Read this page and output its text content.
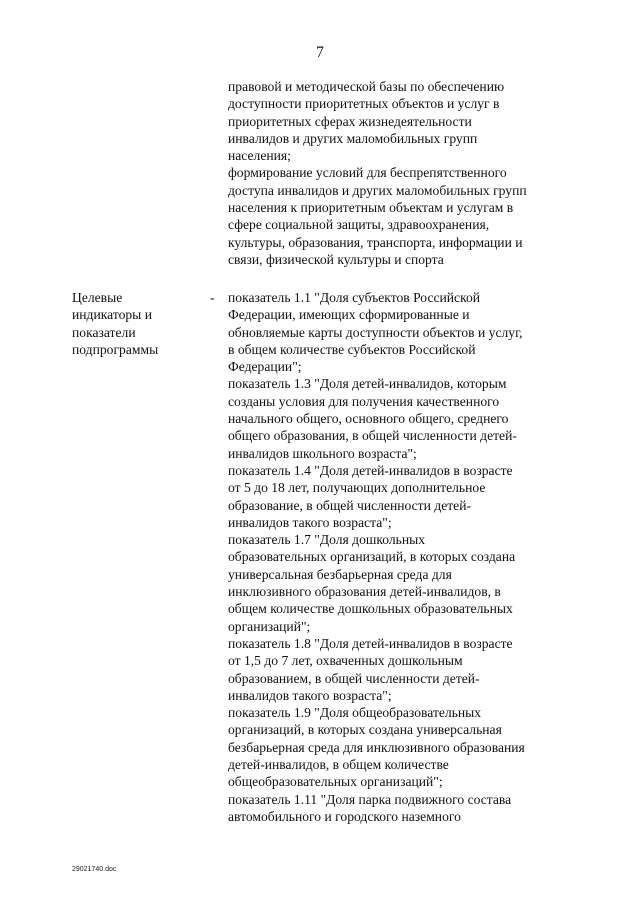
7
правовой и методической базы по обеспечению
доступности приоритетных объектов и услуг в
приоритетных сферах жизнедеятельности
инвалидов и других маломобильных групп
населения;
формирование условий для беспрепятственного
доступа инвалидов и других маломобильных групп
населения к приоритетным объектам и услугам в
сфере социальной защиты, здравоохранения,
культуры, образования, транспорта, информации и
связи, физической культуры и спорта
Целевые
индикаторы и
показатели
подпрограммы
- показатель 1.1 "Доля субъектов Российской
Федерации, имеющих сформированные и
обновляемые карты доступности объектов и услуг,
в общем количестве субъектов Российской
Федерации";
показатель 1.3 "Доля детей-инвалидов, которым
созданы условия для получения качественного
начального общего, основного общего, среднего
общего образования, в общей численности детей-
инвалидов школьного возраста";
показатель 1.4 "Доля детей-инвалидов в возрасте
от 5 до 18 лет, получающих дополнительное
образование, в общей численности детей-
инвалидов такого возраста";
показатель 1.7 "Доля дошкольных
образовательных организаций, в которых создана
универсальная безбарьерная среда для
инклюзивного образования детей-инвалидов, в
общем количестве дошкольных образовательных
организаций";
показатель 1.8 "Доля детей-инвалидов в возрасте
от 1,5 до 7 лет, охваченных дошкольным
образованием, в общей численности детей-
инвалидов такого возраста";
показатель 1.9 "Доля общеобразовательных
организаций, в которых создана универсальная
безбарьерная среда для инклюзивного образования
детей-инвалидов, в общем количестве
общеобразовательных организаций";
показатель 1.11 "Доля парка подвижного состава
автомобильного и городского наземного
29021740.doc
